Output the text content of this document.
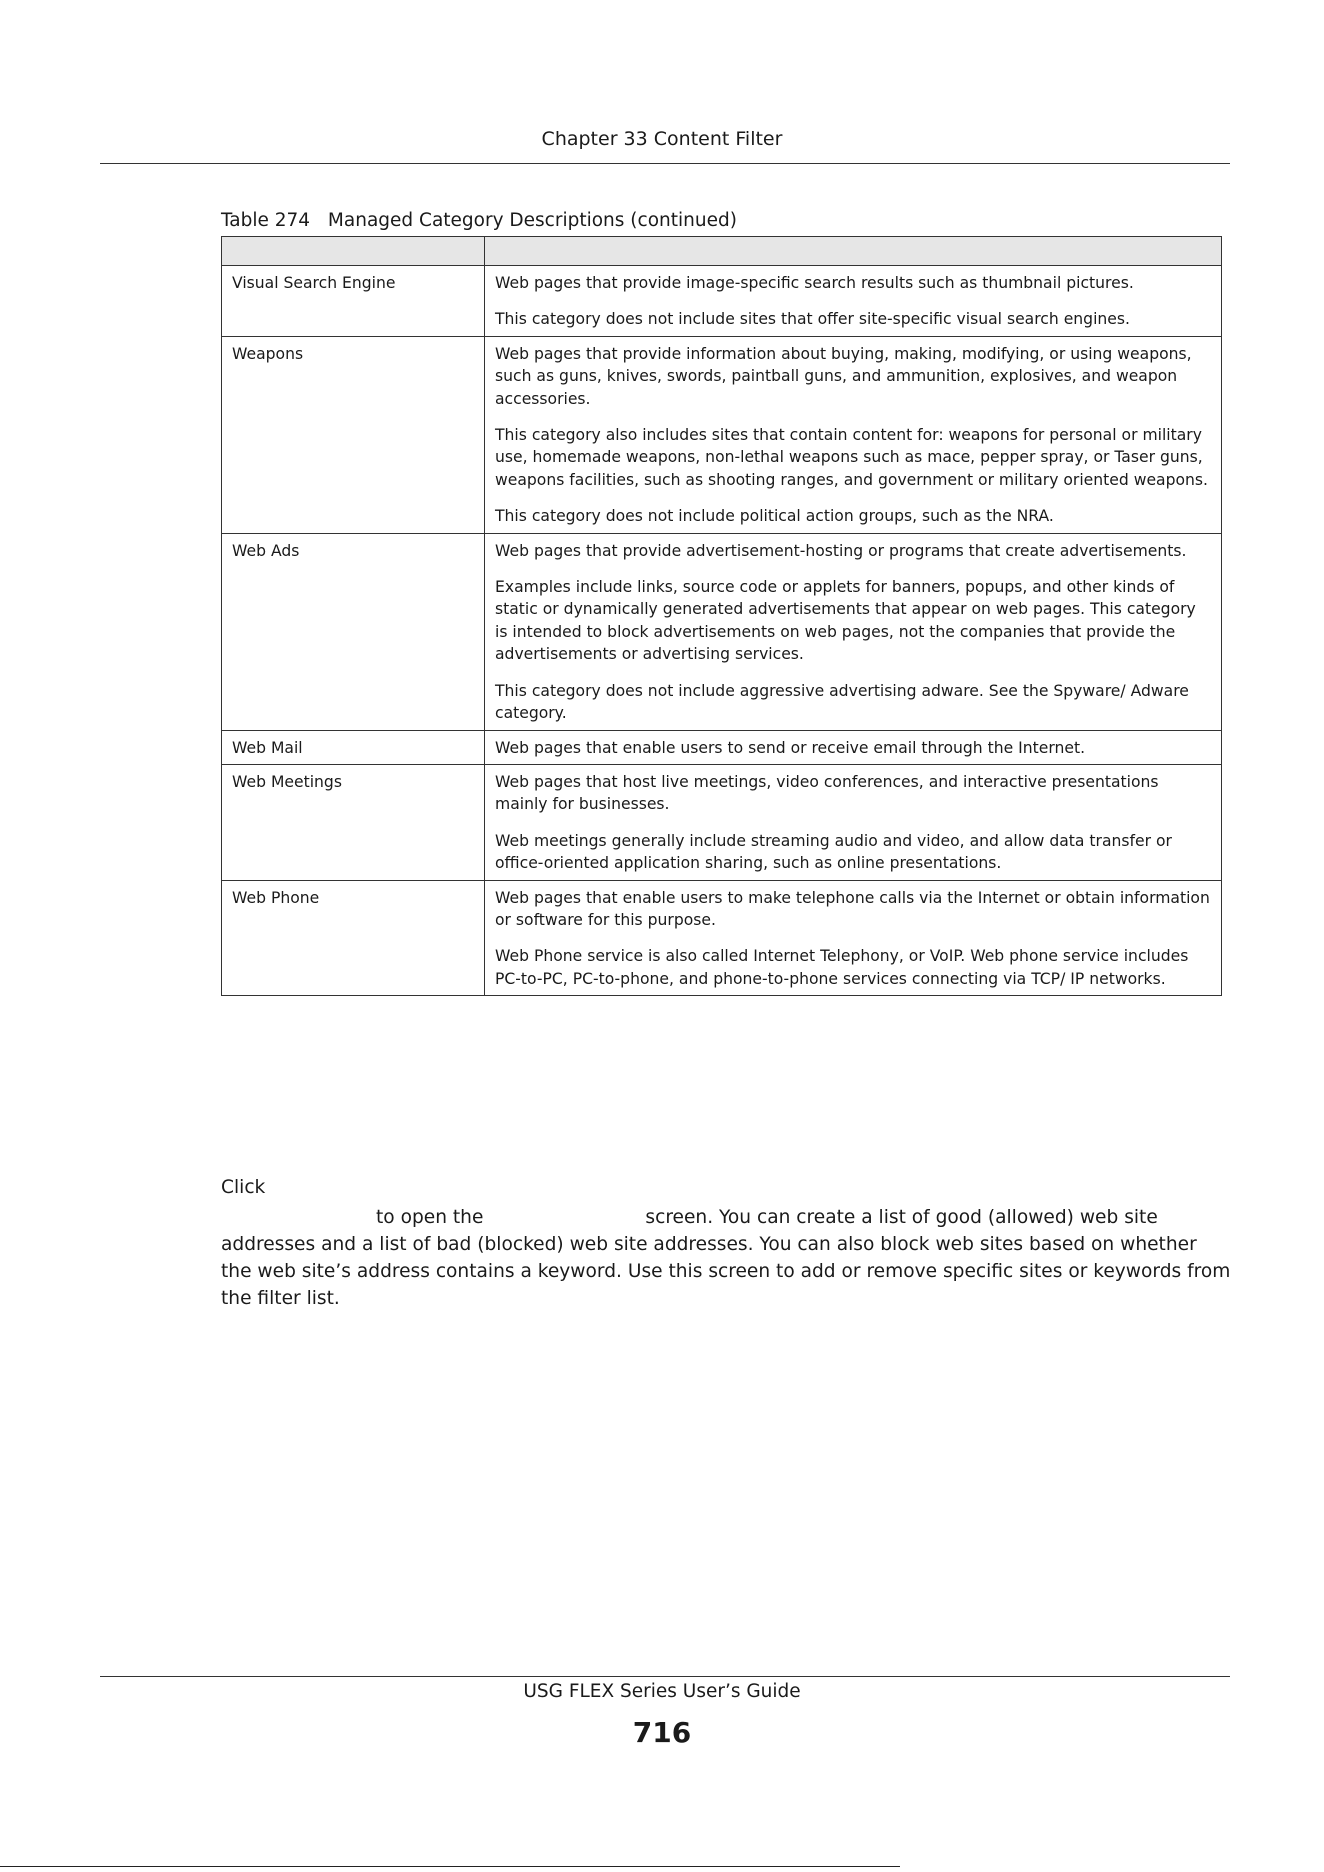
Chapter 33 Content Filter
Table 274 Managed Category Descriptions (continued)

Visual Search Engine	Web pages that provide image-specific search results such as thumbnail pictures.

This category does not include sites that offer site-specific visual search engines.

Weapons	Web pages that provide information about buying, making, modifying, or using weapons, such as guns, knives, swords, paintball guns, and ammunition, explosives, and weapon accessories.

This category also includes sites that contain content for: weapons for personal or military use, homemade weapons, non-lethal weapons such as mace, pepper spray, or Taser guns, weapons facilities, such as shooting ranges, and government or military oriented weapons.

This category does not include political action groups, such as the NRA.

Web Ads	Web pages that provide advertisement-hosting or programs that create advertisements.

Examples include links, source code or applets for banners, popups, and other kinds of static or dynamically generated advertisements that appear on web pages. This category is intended to block advertisements on web pages, not the companies that provide the advertisements or advertising services.

This category does not include aggressive advertising adware. See the Spyware/ Adware category.

Web Mail	Web pages that enable users to send or receive email through the Internet.

Web Meetings	Web pages that host live meetings, video conferences, and interactive presentations mainly for businesses.

Web meetings generally include streaming audio and video, and allow data transfer or office-oriented application sharing, such as online presentations.

Web Phone	Web pages that enable users to make telephone calls via the Internet or obtain information or software for this purpose.

Web Phone service is also called Internet Telephony, or VoIP. Web phone service includes PC-to-PC, PC-to-phone, and phone-to-phone services connecting via TCP/ IP networks.

Click
to open the	screen. You can create a list of good (allowed) web site addresses and a list of bad (blocked) web site addresses. You can also block web sites based on whether the web site’s address contains a keyword. Use this screen to add or remove specific sites or keywords from the filter list.
USG FLEX Series User’s Guide
716
